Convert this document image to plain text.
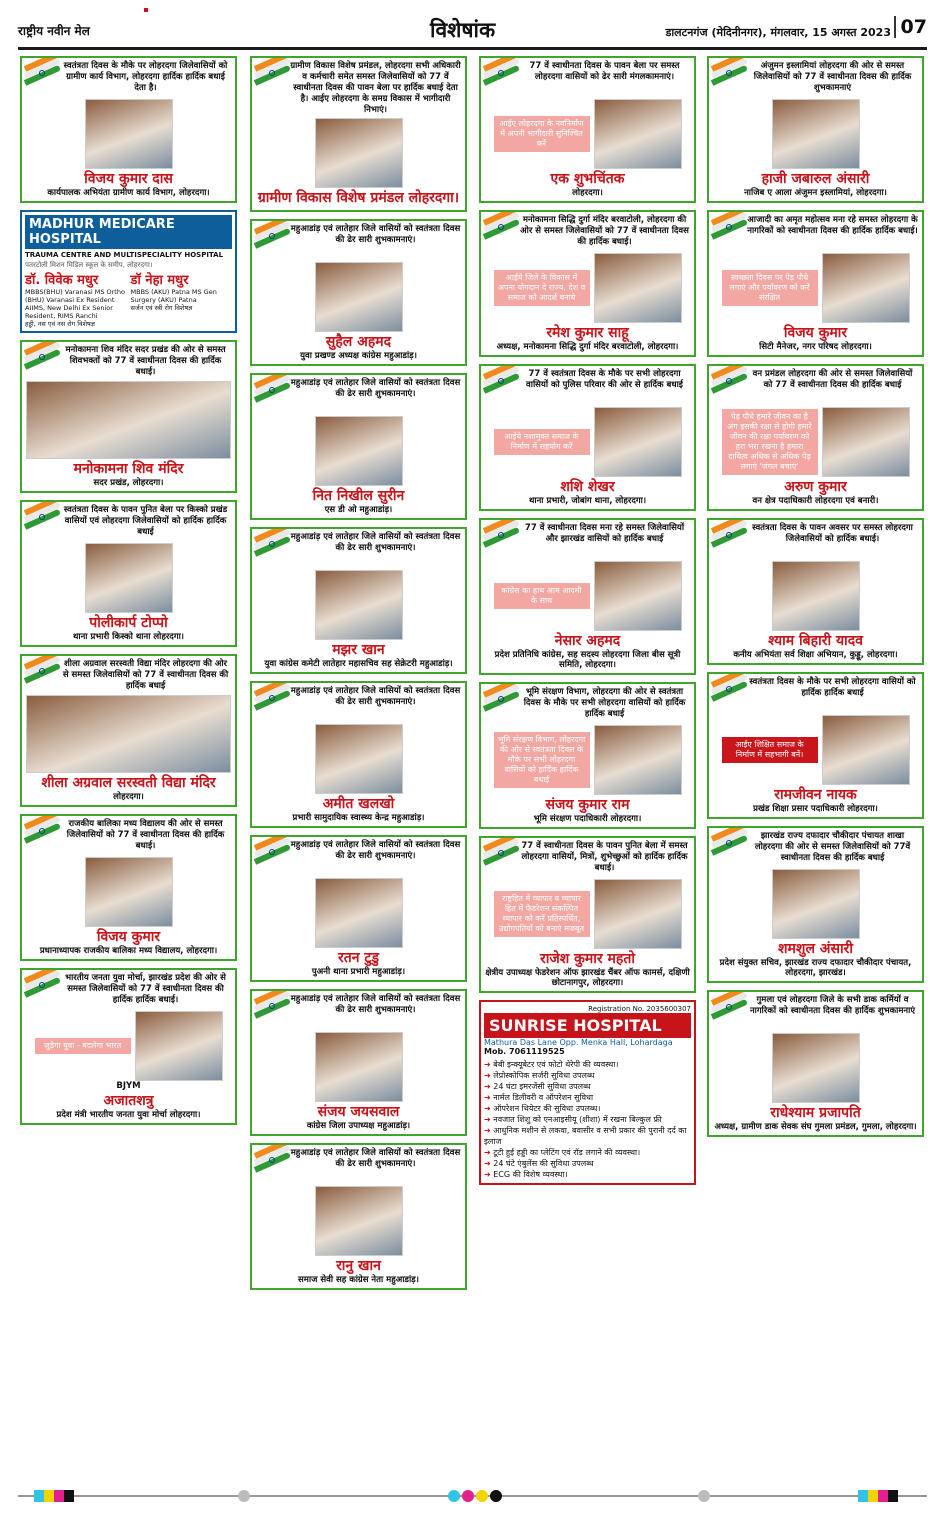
राष्ट्रीय नवीन मेल	विशेषांक	डालटनगंज (मेदिनीनगर), मंगलवार, 15 अगस्त 2023 07
स्वतंत्रता दिवस के मौके पर लोहरदगा जिलेवासियों को ग्रामीण कार्य विभाग, लोहरदगा हार्दिक हार्दिक बधाई देता है।
विजय कुमार दास
कार्यपालक अभियंता ग्रामीण कार्य विभाग, लोहरदगा।
MADHUR MEDICARE HOSPITAL
TRAUMA CENTRE AND MULTISPECIALITY HOSPITAL
पतरटोली मिशन मिडिल स्कूल के समीप, लोहरदगा।
डॉ. विवेक मधुर
MBBS(BHU) Varanasi MS Ortho (BHU) Varanasi Ex Resident AIIMS, New Delhi Ex Senior Resident, RIMS Ranchi
हड्डी, नस एवं नस रोग विशेषज्ञ
डॉ नेहा मधुर
MBBS (AKU) Patna MS Gen Surgery (AKU) Patna
सर्जन एवं स्त्री रोग विशेषज्ञ
मनोकामना शिव मंदिर सदर प्रखंड की ओर से समस्त शिवभक्तों को 77 वें स्वाधीनता दिवस की हार्दिक बधाई।
मनोकामना शिव मंदिर
सदर प्रखंड, लोहरदगा।
स्वतंत्रता दिवस के पावन पुनित बेला पर किस्को प्रखंड वासियों एवं लोहरदगा जिलेवासियों को हार्दिक हार्दिक बधाई
पोलीकार्प टोप्पो
थाना प्रभारी किस्को थाना लोहरदगा।
शीला अग्रवाल सरस्वती विद्या मंदिर लोहरदगा की ओर से समस्त जिलेवासियों को 77 वें स्वाधीनता दिवस की हार्दिक बधाई
शीला अग्रवाल सरस्वती विद्या मंदिर
लोहरदगा।
राजकीय बालिका मध्य विद्यालय की ओर से समस्त जिलेवासियों को 77 वें स्वाधीनता दिवस की हार्दिक बधाई।
विजय कुमार
प्रधानाध्यापक राजकीय बालिका मध्य विद्यालय, लोहरदगा।
भारतीय जनता युवा मोर्चा, झारखंड प्रदेश की ओर से समस्त जिलेवासियों को 77 वें स्वाधीनता दिवस की हार्दिक हार्दिक बधाई।
जुड़ेगा युवा - बदलेगा भारत
BJYM
अजातशत्रु
प्रदेश मंत्री भारतीय जनता युवा मोर्चा लोहरदगा।
ग्रामीण विकास विशेष प्रमंडल, लोहरदगा सभी अधिकारी व कर्मचारी समेत समस्त जिलेवासियों को 77 वें स्वाधीनता दिवस की पावन बेला पर हार्दिक बधाई देता है। आईए लोहरदगा के समग्र विकास में भागीदारी निभाएं।
ग्रामीण विकास विशेष प्रमंडल लोहरदगा।
महुआडांड़ एवं लातेहार जिले वासियों को स्वतंत्रता दिवस की ढेर सारी शुभकामनाएं।
सुहैल अहमद
युवा प्रखण्ड अध्यक्ष कांग्रेस महुआडांड़।
महुआडांड़ एवं लातेहार जिले वासियों को स्वतंत्रता दिवस की ढेर सारी शुभकामनाएं।
नित निखील सुरीन
एस डी ओ महुआडांड़।
महुआडांड़ एवं लातेहार जिले वासियों को स्वतंत्रता दिवस की ढेर सारी शुभकामनाएं।
मझर खान
युवा कांग्रेस कमेटी लातेहार महासचिव सह सेक्रेटरी महुआडांड़।
महुआडांड़ एवं लातेहार जिले वासियों को स्वतंत्रता दिवस की ढेर सारी शुभकामनाएं।
अमीत खलखो
प्रभारी सामुदायिक स्वास्थ्य केन्द्र महुआडांड़।
महुआडांड़ एवं लातेहार जिले वासियों को स्वतंत्रता दिवस की ढेर सारी शुभकामनाएं।
रतन टुडु
पुअनी थाना प्रभारी महुआडांड़।
महुआडांड़ एवं लातेहार जिले वासियों को स्वतंत्रता दिवस की ढेर सारी शुभकामनाएं।
संजय जयसवाल
कांग्रेस जिला उपाध्यक्ष महुआडांड़।
महुआडांड़ एवं लातेहार जिले वासियों को स्वतंत्रता दिवस की ढेर सारी शुभकामनाएं।
रानु खान
समाज सेवी सह कांग्रेस नेता महुआडांड़।
77 वें स्वाधीनता दिवस के पावन बेला पर समस्त लोहरदगा वासियों को ढेर सारी मंगलकामनाएं।
आईए लोहरदगा के नवनिर्माण में अपनी भागीदारी सुनिश्चित करें
एक शुभचिंतक
लोहरदगा।
मनोकामना सिद्धि दुर्गा मंदिर बरवाटोली, लोहरदगा की ओर से समस्त जिलेवासियों को 77 वें स्वाधीनता दिवस की हार्दिक बधाई।
आईये जिले के विकास में अपना योगदान दे राज्य, देश व समाज को आदर्श बनाये
रमेश कुमार साहू
अध्यक्ष, मनोकामना सिद्धि दुर्गा मंदिर बरवाटोली, लोहरदगा।
77 वें स्वतंत्रता दिवस के मौके पर सभी लोहरदगा वासियों को पुलिस परिवार की ओर से हार्दिक बधाई
आईये नशामुक्त समाज के निर्माण में सहयोग करें
शशि शेखर
थाना प्रभारी, जोबांग थाना, लोहरदगा।
77 वें स्वाधीनता दिवस मना रहे समस्त जिलेवासियों और झारखंड वासियों को हार्दिक बधाई
कांग्रेस का हाथ आम आदमी के साथ
नेसार अहमद
प्रदेश प्रतिनिधि कांग्रेस, सह सदस्य लोहरदगा जिला बीस सूत्री समिति, लोहरदगा।
भूमि संरक्षण विभाग, लोहरदगा की ओर से स्वतंत्रता दिवस के मौके पर सभी लोहरदगा वासियों को हार्दिक हार्दिक बधाई
भूमि संरक्षण विभाग, लोहरदगा की ओर से स्वतंत्रता दिवस के मौके पर सभी लोहरदगा वासियों को हार्दिक हार्दिक बधाई
संजय कुमार राम
भूमि संरक्षण पदाधिकारी लोहरदगा।
77 वें स्वाधीनता दिवस के पावन पुनित बेला में समस्त लोहरदगा वासियों, मित्रों, शुभेच्छुओं को हार्दिक हार्दिक बधाई।
राष्ट्रहित में व्यापार व व्यापार हित में फेडरेशन संकल्पित व्यापार को करें प्रतिस्पर्धित, उद्योगपतियों को बनाएं मजबूत
राजेश कुमार महतो
क्षेत्रीय उपाध्यक्ष फेडरेशन ऑफ झारखंड चैंबर ऑफ कामर्स, दक्षिणी छोटानागपुर, लोहरदगा।
Registration No. 2035600307
SUNRISE HOSPITAL
Mathura Das Lane Opp. Menka Hall, Lohardaga
Mob. 7061119525
➜ बेबी इन्क्यूबेटर एवं फोटो थेरेपी की व्यवस्था।
➜ लेप्रोस्कोपिक सर्जरी सुविधा उपलब्ध
➜ 24 घंटा इमरजेंसी सुविधा उपलब्ध
➜ नार्मल डिलीवरी व ऑपरेशन सुविधा
➜ ऑपरेशन थियेटर की सुविधा उपलब्ध।
➜ नवजात शिशु को एनआइसीयू (शीशा) में रखना बिल्कुल फ्री
➜ आधुनिक मशीन से लकवा, बवासीर व सभी प्रकार की पुरानी दर्द का इलाज
➜ टूटी हुई हड्डी का प्लेटिंग एवं रॉड लगाने की व्यवस्था।
➜ 24 घंटे एंबुलेंस की सुविधा उपलब्ध
➜ ECG की विशेष व्यवस्था।
अंजुमन इस्लामियां लोहरदगा की ओर से समस्त जिलेवासियों को 77 वें स्वाधीनता दिवस की हार्दिक शुभकामनाएं
हाजी जबारुल अंसारी
नाजिब ए आला अंजुमन इस्लामियां, लोहरदगा।
आजादी का अमृत महोत्सव मना रहे समस्त लोहरदगा के नागरिकों को स्वाधीनता दिवस की हार्दिक हार्दिक बधाई।
स्वच्छता दिवस पर पेड़ पौधे लगाएं और पर्यावरण को करें संरक्षित
विजय कुमार
सिटी मैनेजर, नगर परिषद लोहरदगा।
वन प्रमंडल लोहरदगा की ओर से समस्त जिलेवासियों को 77 वें स्वाधीनता दिवस की हार्दिक बधाई
पेड़ पौधे हमारे जीवन का है अंग इसकी रक्षा से होगी हमारे जीवन की रक्षा पर्यावरण को हरा भरा रखना है हमारा दायित्व अधिक से अधिक पेड़ लगाएं 'जंगल बचाएं'
अरुण कुमार
वन क्षेत्र पदाधिकारी लोहरदगा एवं बनारी।
स्वतंत्रता दिवस के पावन अवसर पर समस्त लोहरदगा जिलेवासियों को हार्दिक बधाई।
श्याम बिहारी यादव
कनीय अभियंता सर्व शिक्षा अभियान, कुड्डू, लोहरदगा।
स्वतंत्रता दिवस के मौके पर सभी लोहरदगा वासियों को हार्दिक हार्दिक बधाई
आईए शिक्षित समाज के निर्माण में सहभागी बनें।
रामजीवन नायक
प्रखंड शिक्षा प्रसार पदाधिकारी लोहरदगा।
झारखंड राज्य दफादार चौकीदार पंचायत शाखा लोहरदगा की ओर से समस्त जिलेवासियों को 77वें स्वाधीनता दिवस की हार्दिक बधाई
शमशुल अंसारी
प्रदेश संयुक्त सचिव, झारखंड राज्य दफादार चौकीदार पंचायत, लोहरदगा, झारखंड।
गुमला एवं लोहरदगा जिले के सभी डाक कर्मियों व नागरिकों को स्वाधीनता दिवस की हार्दिक शुभकामनाएं
राधेश्याम प्रजापति
अध्यक्ष, ग्रामीण डाक सेवक संघ गुमला प्रमंडल, गुमला, लोहरदगा।
